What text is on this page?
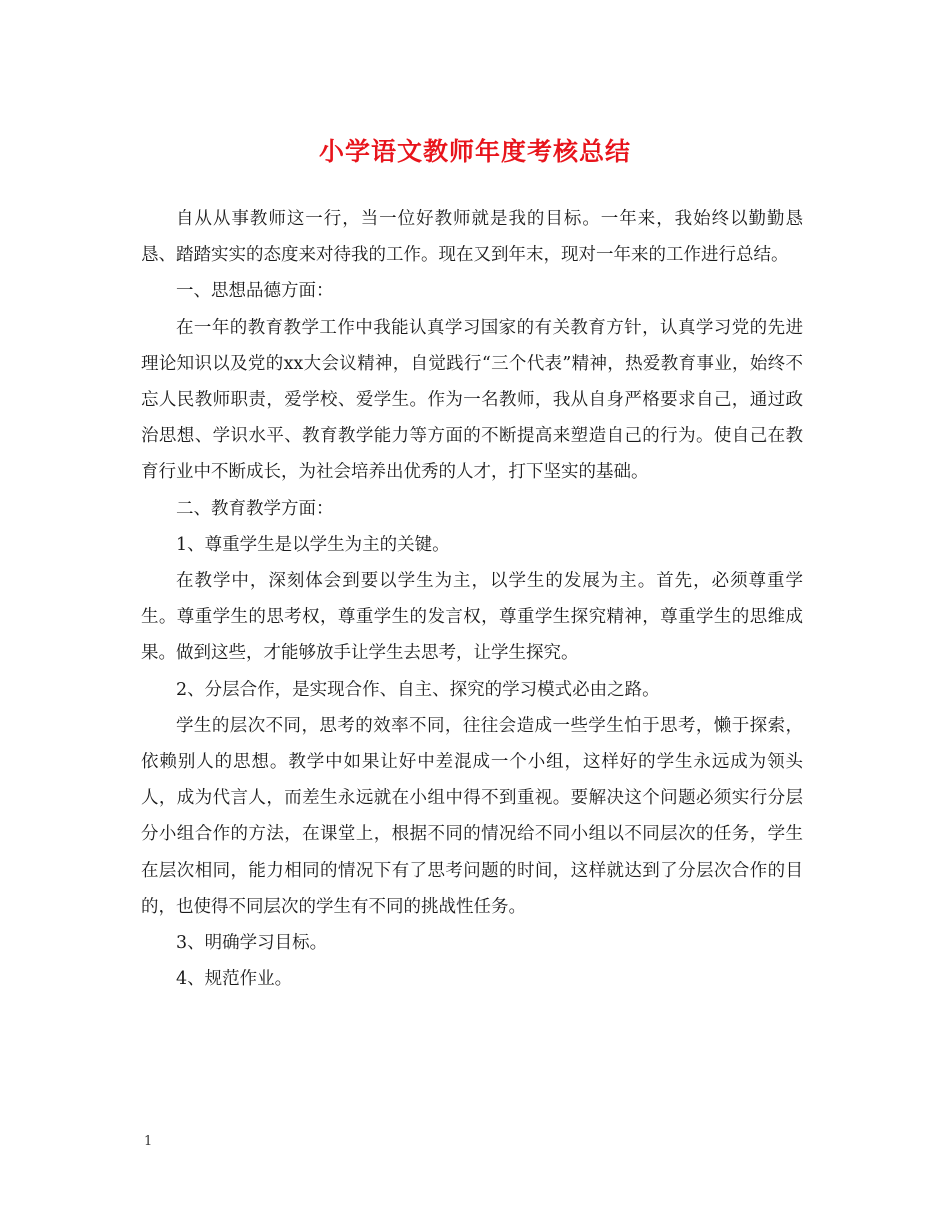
小学语文教师年度考核总结

自从从事教师这一行，当一位好教师就是我的目标。一年来，我始终以勤勤恳恳、踏踏实实的态度来对待我的工作。现在又到年末，现对一年来的工作进行总结。

一、思想品德方面：

在一年的教育教学工作中我能认真学习国家的有关教育方针，认真学习党的先进理论知识以及党的xx大会议精神，自觉践行“三个代表”精神，热爱教育事业，始终不忘人民教师职责，爱学校、爱学生。作为一名教师，我从自身严格要求自己，通过政治思想、学识水平、教育教学能力等方面的不断提高来塑造自己的行为。使自己在教育行业中不断成长，为社会培养出优秀的人才，打下坚实的基础。

二、教育教学方面：

1、尊重学生是以学生为主的关键。

在教学中，深刻体会到要以学生为主，以学生的发展为主。首先，必须尊重学生。尊重学生的思考权，尊重学生的发言权，尊重学生探究精神，尊重学生的思维成果。做到这些，才能够放手让学生去思考，让学生探究。

2、分层合作，是实现合作、自主、探究的学习模式必由之路。

学生的层次不同，思考的效率不同，往往会造成一些学生怕于思考，懒于探索，依赖别人的思想。教学中如果让好中差混成一个小组，这样好的学生永远成为领头人，成为代言人，而差生永远就在小组中得不到重视。要解决这个问题必须实行分层分小组合作的方法，在课堂上，根据不同的情况给不同小组以不同层次的任务，学生在层次相同，能力相同的情况下有了思考问题的时间，这样就达到了分层次合作的目的，也使得不同层次的学生有不同的挑战性任务。

3、明确学习目标。

4、规范作业。

1
